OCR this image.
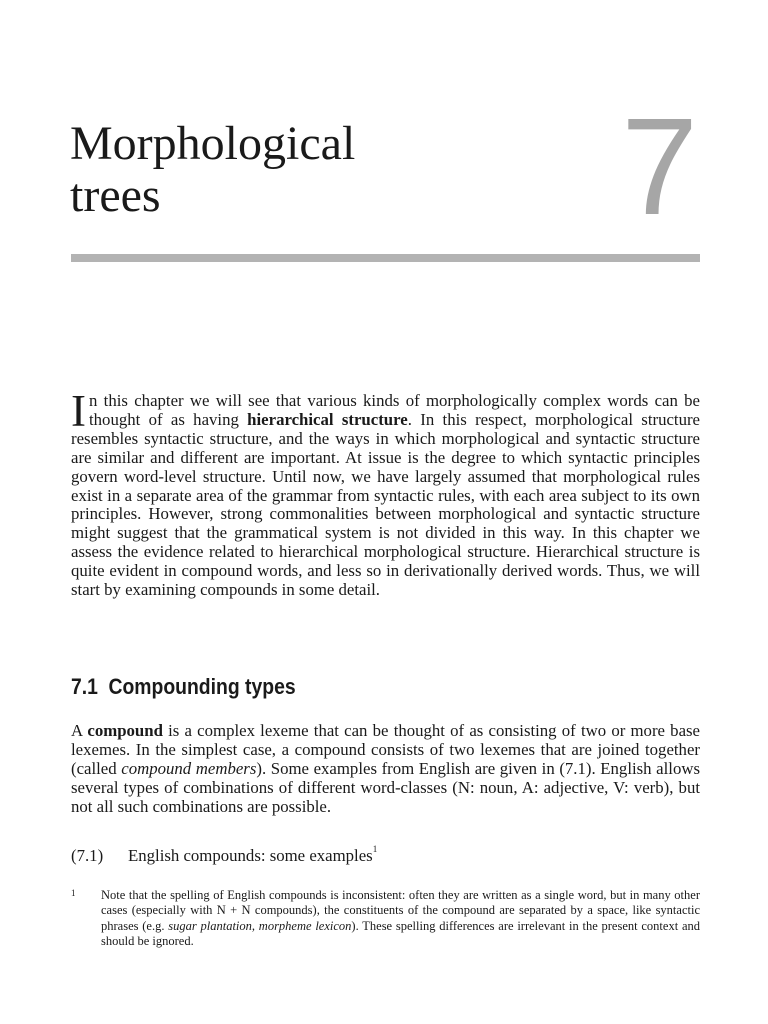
Morphological
trees	7

In this chapter we will see that various kinds of morphologically complex words can be thought of as having hierarchical structure. In this respect, morphological structure resembles syntactic structure, and the ways in which morphological and syntactic structure are similar and different are important. At issue is the degree to which syntactic principles govern word-level structure. Until now, we have largely assumed that morphological rules exist in a separate area of the grammar from syntactic rules, with each area subject to its own principles. However, strong commonalities between morphological and syntactic structure might suggest that the grammatical system is not divided in this way. In this chapter we assess the evidence related to hierarchical morphological structure. Hierarchical structure is quite evident in compound words, and less so in derivationally derived words. Thus, we will start by examining compounds in some detail.

7.1 Compounding types

A compound is a complex lexeme that can be thought of as consisting of two or more base lexemes. In the simplest case, a compound consists of two lexemes that are joined together (called compound members). Some examples from English are given in (7.1). English allows several types of combinations of different word-classes (N: noun, A: adjective, V: verb), but not all such combinations are possible.

(7.1) English compounds: some examples$^1$

1 Note that the spelling of English compounds is inconsistent: often they are written as a single word, but in many other cases (especially with N + N compounds), the constituents of the compound are separated by a space, like syntactic phrases (e.g. sugar plantation, morpheme lexicon). These spelling differences are irrelevant in the present context and should be ignored.
